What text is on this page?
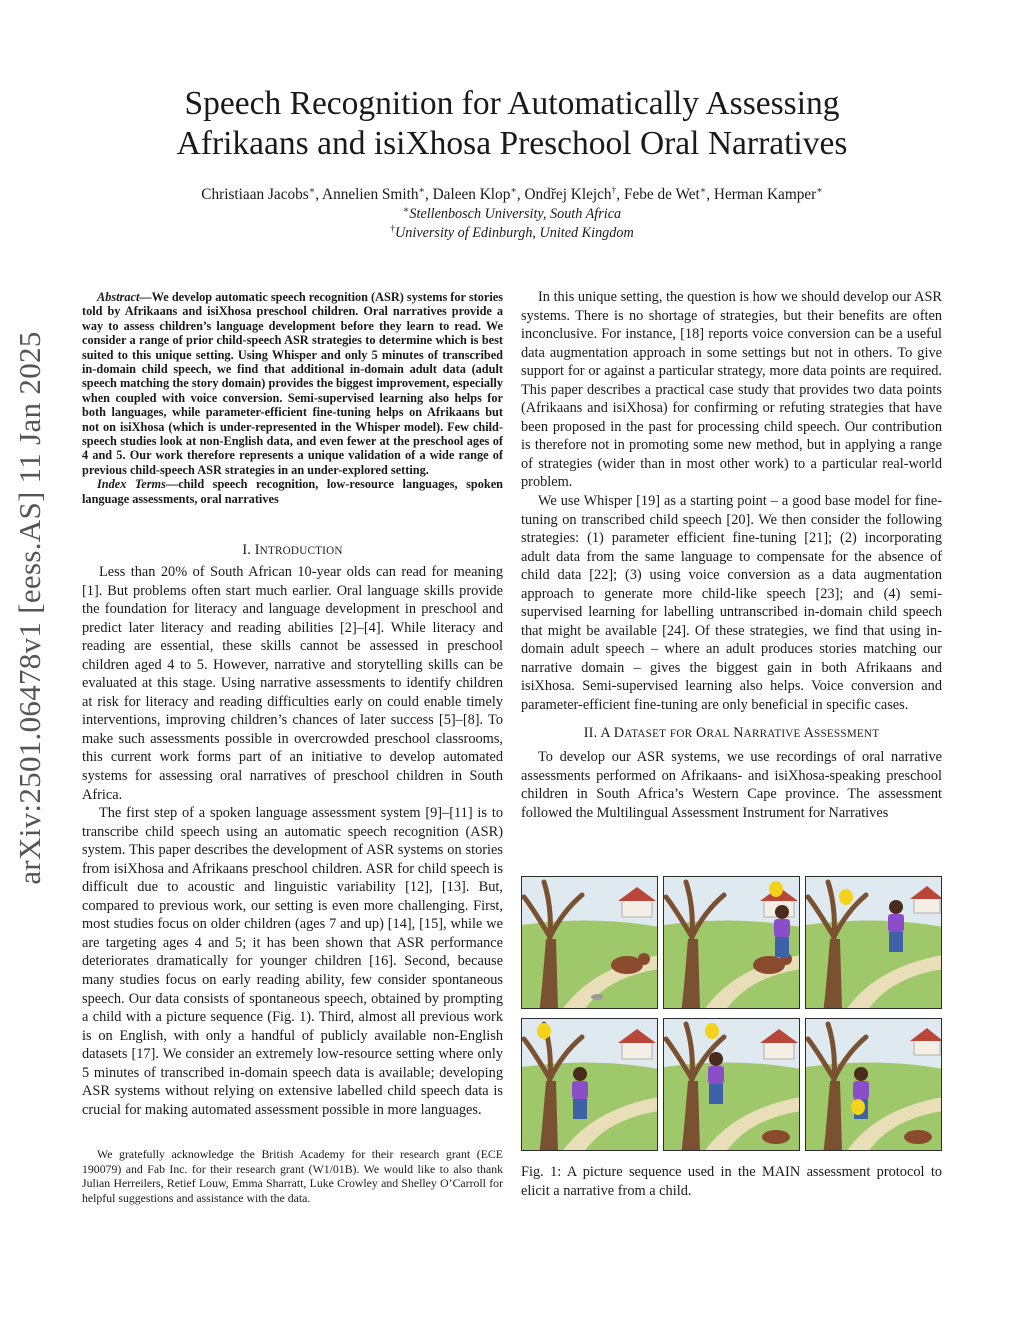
arXiv:2501.06478v1 [eess.AS] 11 Jan 2025
Speech Recognition for Automatically Assessing
Afrikaans and isiXhosa Preschool Oral Narratives
Christiaan Jacobs∗, Annelien Smith∗, Daleen Klop∗, Ondřej Klejch†, Febe de Wet∗, Herman Kamper∗
∗Stellenbosch University, South Africa
†University of Edinburgh, United Kingdom

Abstract—We develop automatic speech recognition (ASR) systems for stories told by Afrikaans and isiXhosa preschool children. Oral narratives provide a way to assess children’s language development before they learn to read. We consider a range of prior child-speech ASR strategies to determine which is best suited to this unique setting. Using Whisper and only 5 minutes of transcribed in-domain child speech, we find that additional in-domain adult data (adult speech matching the story domain) provides the biggest improvement, especially when coupled with voice conversion. Semi-supervised learning also helps for both languages, while parameter-efficient fine-tuning helps on Afrikaans but not on isiXhosa (which is under-represented in the Whisper model). Few child-speech studies look at non-English data, and even fewer at the preschool ages of 4 and 5. Our work therefore represents a unique validation of a wide range of previous child-speech ASR strategies in an under-explored setting.

Index Terms—child speech recognition, low-resource languages, spoken language assessments, oral narratives

I. INTRODUCTION

Less than 20% of South African 10-year olds can read for meaning [1]. But problems often start much earlier. Oral language skills provide the foundation for literacy and language development in preschool and predict later literacy and reading abilities [2]–[4]. While literacy and reading are essential, these skills cannot be assessed in preschool children aged 4 to 5. However, narrative and storytelling skills can be evaluated at this stage. Using narrative assessments to identify children at risk for literacy and reading difficulties early on could enable timely interventions, improving children’s chances of later success [5]–[8]. To make such assessments possible in overcrowded preschool classrooms, this current work forms part of an initiative to develop automated systems for assessing oral narratives of preschool children in South Africa.

The first step of a spoken language assessment system [9]–[11] is to transcribe child speech using an automatic speech recognition (ASR) system. This paper describes the development of ASR systems on stories from isiXhosa and Afrikaans preschool children. ASR for child speech is difficult due to acoustic and linguistic variability [12], [13]. But, compared to previous work, our setting is even more challenging. First, most studies focus on older children (ages 7 and up) [14], [15], while we are targeting ages 4 and 5; it has been shown that ASR performance deteriorates dramatically for younger children [16]. Second, because many studies focus on early reading ability, few consider spontaneous speech. Our data consists of spontaneous speech, obtained by prompting a child with a picture sequence (Fig. 1). Third, almost all previous work is on English, with only a handful of publicly available non-English datasets [17]. We consider an extremely low-resource setting where only 5 minutes of transcribed in-domain speech data is available; developing ASR systems without relying on extensive labelled child speech data is crucial for making automated assessment possible in more languages.

We gratefully acknowledge the British Academy for their research grant (ECE 190079) and Fab Inc. for their research grant (W1/01B). We would like to also thank Julian Herreilers, Retief Louw, Emma Sharratt, Luke Crowley and Shelley O’Carroll for helpful suggestions and assistance with the data.

In this unique setting, the question is how we should develop our ASR systems. There is no shortage of strategies, but their benefits are often inconclusive. For instance, [18] reports voice conversion can be a useful data augmentation approach in some settings but not in others. To give support for or against a particular strategy, more data points are required. This paper describes a practical case study that provides two data points (Afrikaans and isiXhosa) for confirming or refuting strategies that have been proposed in the past for processing child speech. Our contribution is therefore not in promoting some new method, but in applying a range of strategies (wider than in most other work) to a particular real-world problem.

We use Whisper [19] as a starting point – a good base model for fine-tuning on transcribed child speech [20]. We then consider the following strategies: (1) parameter efficient fine-tuning [21]; (2) incorporating adult data from the same language to compensate for the absence of child data [22]; (3) using voice conversion as a data augmentation approach to generate more child-like speech [23]; and (4) semi-supervised learning for labelling untranscribed in-domain child speech that might be available [24]. Of these strategies, we find that using in-domain adult speech – where an adult produces stories matching our narrative domain – gives the biggest gain in both Afrikaans and isiXhosa. Semi-supervised learning also helps. Voice conversion and parameter-efficient fine-tuning are only beneficial in specific cases.

II. A DATASET FOR ORAL NARRATIVE ASSESSMENT

To develop our ASR systems, we use recordings of oral narrative assessments performed on Afrikaans- and isiXhosa-speaking preschool children in South Africa’s Western Cape province. The assessment followed the Multilingual Assessment Instrument for Narratives

Fig. 1: A picture sequence used in the MAIN assessment protocol to elicit a narrative from a child.
